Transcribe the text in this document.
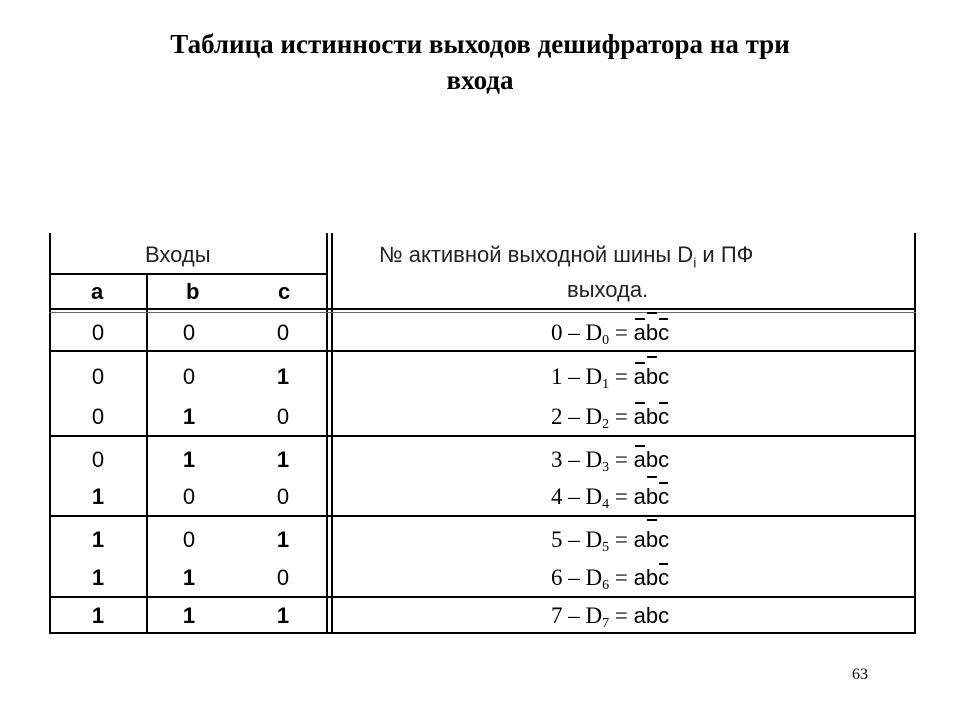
Таблица истинности выходов дешифратора на три
входа
Входы	№ активной выходной шины $D_i$ и ПФ
выхода.
a	b	c
0	0	0	$0 - D_0$ = abc
0	0	1	$1 - D_1$ = abc
0	1	0	$2 - D_2$ = abc
0	1	1	$3 - D_3$ = abc
1	0	0	$4 - D_4$ = abc
1	0	1	$5 - D_5$ = abc
1	1	0	$6 - D_6$ = abc
1	1	1	$7 - D_7$ = abc
63
